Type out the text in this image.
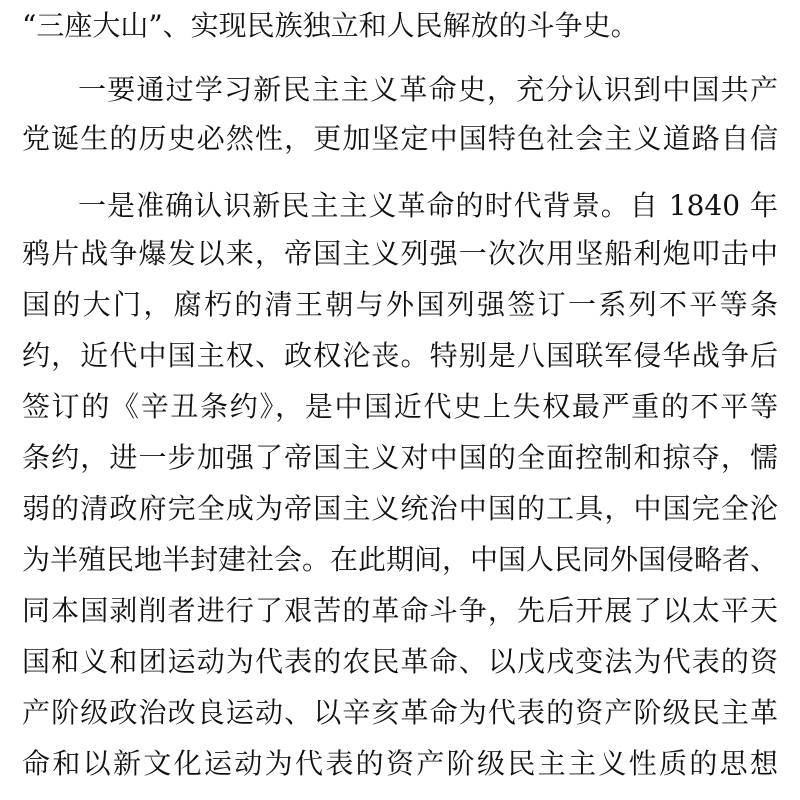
“三座大山”、实现民族独立和人民解放的斗争史。
一要通过学习新民主主义革命史，充分认识到中国共产
党诞生的历史必然性，更加坚定中国特色社会主义道路自信
一是准确认识新民主主义革命的时代背景。自 1840 年
鸦片战争爆发以来，帝国主义列强一次次用坚船利炮叩击中
国的大门，腐朽的清王朝与外国列强签订一系列不平等条
约，近代中国主权、政权沦丧。特别是八国联军侵华战争后
签订的《辛丑条约》，是中国近代史上失权最严重的不平等
条约，进一步加强了帝国主义对中国的全面控制和掠夺，懦
弱的清政府完全成为帝国主义统治中国的工具，中国完全沦
为半殖民地半封建社会。在此期间，中国人民同外国侵略者、
同本国剥削者进行了艰苦的革命斗争，先后开展了以太平天
国和义和团运动为代表的农民革命、以戊戌变法为代表的资
产阶级政治改良运动、以辛亥革命为代表的资产阶级民主革
命和以新文化运动为代表的资产阶级民主主义性质的思想
